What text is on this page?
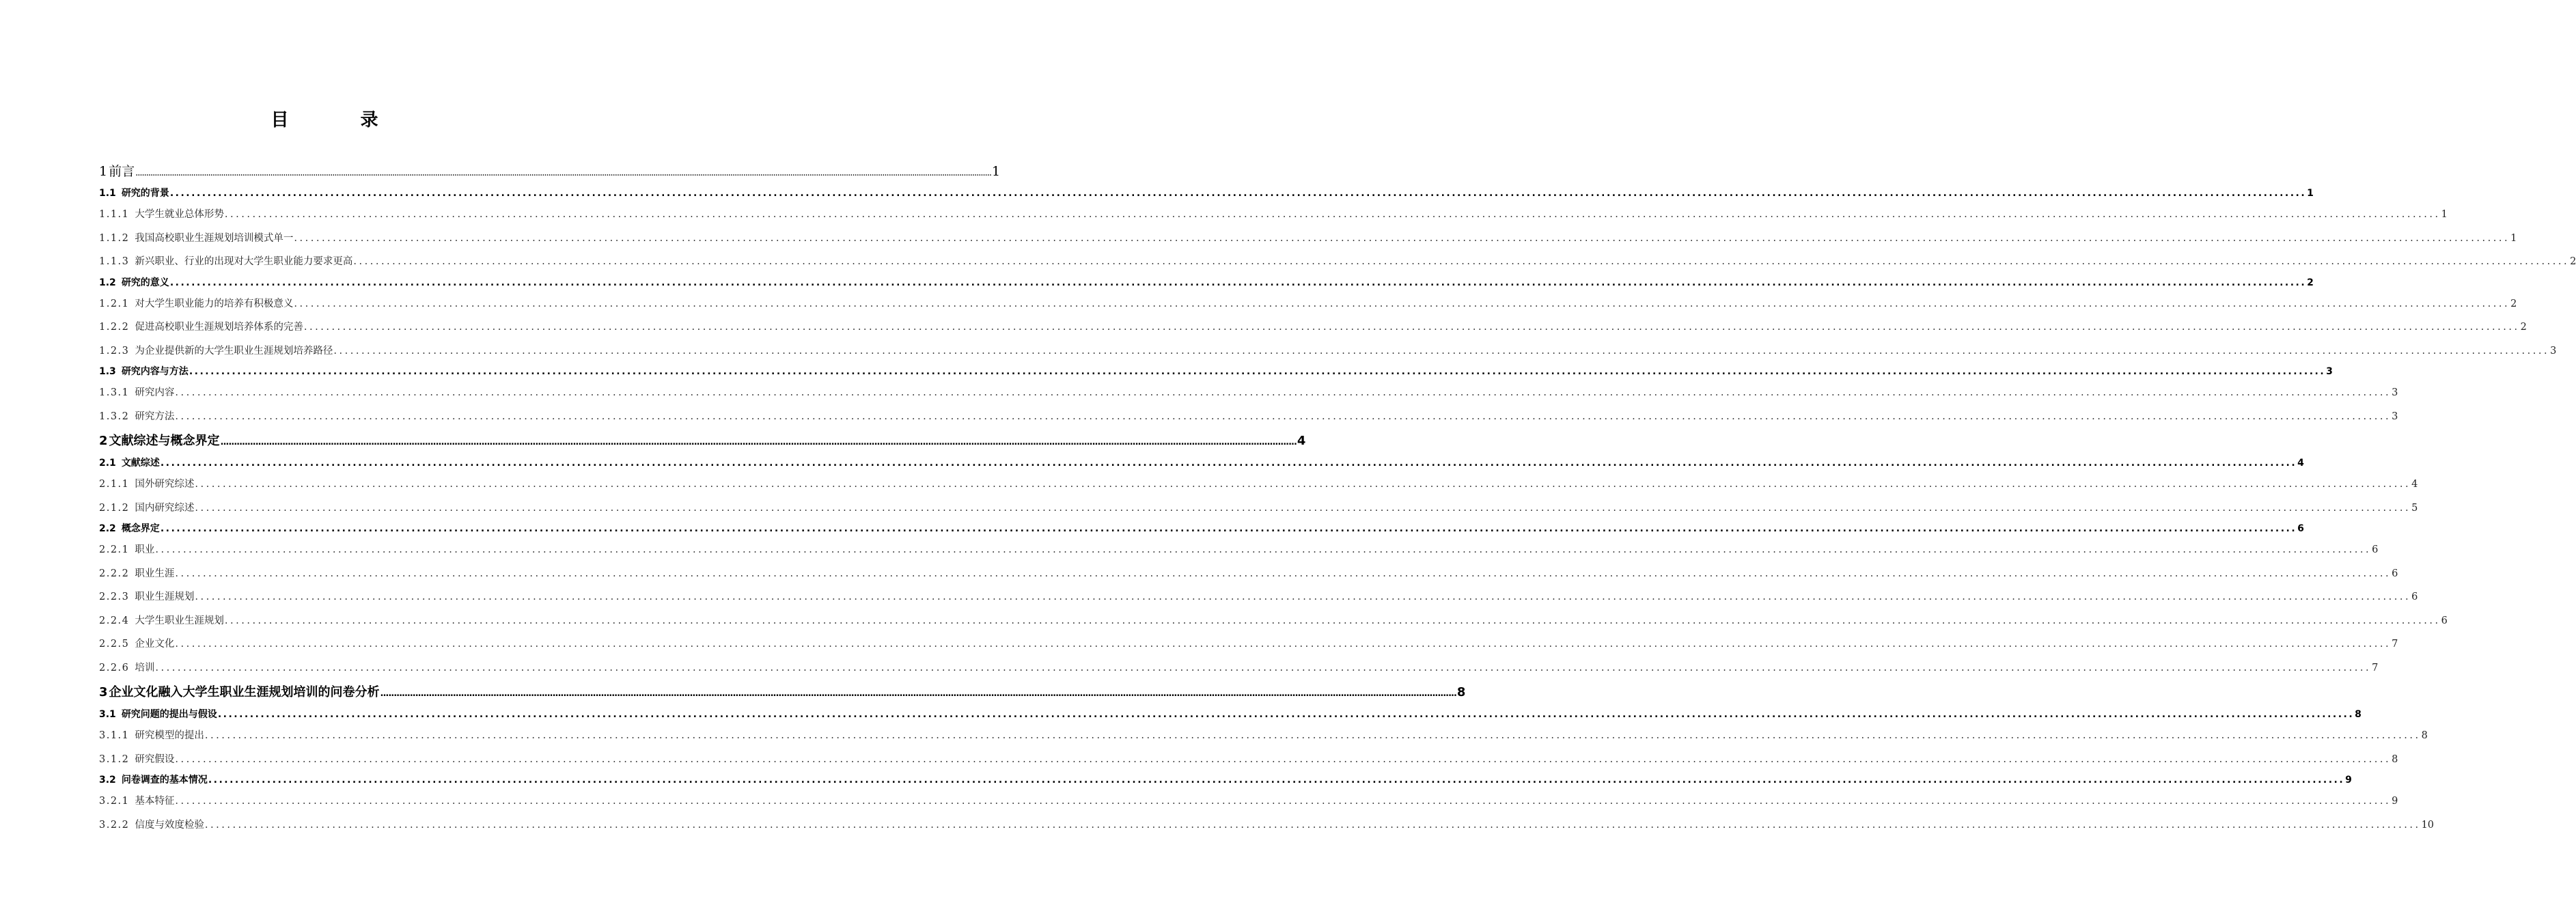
目 录
1 前言 ................................................................................................................................................................................................................................................................................................................................................................................................................ 1
1.1 研究的背景 ................................................................................................................................................................................................................................................................................................................................................................................................................ 1
1.1.1 大学生就业总体形势 ................................................................................................................................................................................................................................................................................................................................................................................................................ 1
1.1.2 我国高校职业生涯规划培训模式单一 ................................................................................................................................................................................................................................................................................................................................................................................................................ 1
1.1.3 新兴职业、行业的出现对大学生职业能力要求更高 ................................................................................................................................................................................................................................................................................................................................................................................................................ 2
1.2 研究的意义 ................................................................................................................................................................................................................................................................................................................................................................................................................ 2
1.2.1 对大学生职业能力的培养有积极意义 ................................................................................................................................................................................................................................................................................................................................................................................................................ 2
1.2.2 促进高校职业生涯规划培养体系的完善 ................................................................................................................................................................................................................................................................................................................................................................................................................ 2
1.2.3 为企业提供新的大学生职业生涯规划培养路径 ................................................................................................................................................................................................................................................................................................................................................................................................................ 3
1.3 研究内容与方法 ................................................................................................................................................................................................................................................................................................................................................................................................................ 3
1.3.1 研究内容 ................................................................................................................................................................................................................................................................................................................................................................................................................ 3
1.3.2 研究方法 ................................................................................................................................................................................................................................................................................................................................................................................................................ 3
2 文献综述与概念界定 ................................................................................................................................................................................................................................................................................................................................................................................................................ 4
2.1 文献综述 ................................................................................................................................................................................................................................................................................................................................................................................................................ 4
2.1.1 国外研究综述 ................................................................................................................................................................................................................................................................................................................................................................................................................ 4
2.1.2 国内研究综述 ................................................................................................................................................................................................................................................................................................................................................................................................................ 5
2.2 概念界定 ................................................................................................................................................................................................................................................................................................................................................................................................................ 6
2.2.1 职业 ................................................................................................................................................................................................................................................................................................................................................................................................................ 6
2.2.2 职业生涯 ................................................................................................................................................................................................................................................................................................................................................................................................................ 6
2.2.3 职业生涯规划 ................................................................................................................................................................................................................................................................................................................................................................................................................ 6
2.2.4 大学生职业生涯规划 ................................................................................................................................................................................................................................................................................................................................................................................................................ 6
2.2.5 企业文化 ................................................................................................................................................................................................................................................................................................................................................................................................................ 7
2.2.6 培训 ................................................................................................................................................................................................................................................................................................................................................................................................................ 7
3 企业文化融入大学生职业生涯规划培训的问卷分析 ................................................................................................................................................................................................................................................................................................................................................................................................................ 8
3.1 研究问题的提出与假设 ................................................................................................................................................................................................................................................................................................................................................................................................................ 8
3.1.1 研究模型的提出 ................................................................................................................................................................................................................................................................................................................................................................................................................ 8
3.1.2 研究假设 ................................................................................................................................................................................................................................................................................................................................................................................................................ 8
3.2 问卷调查的基本情况 ................................................................................................................................................................................................................................................................................................................................................................................................................ 9
3.2.1 基本特征 ................................................................................................................................................................................................................................................................................................................................................................................................................ 9
3.2.2 信度与效度检验 ................................................................................................................................................................................................................................................................................................................................................................................................................ 10
